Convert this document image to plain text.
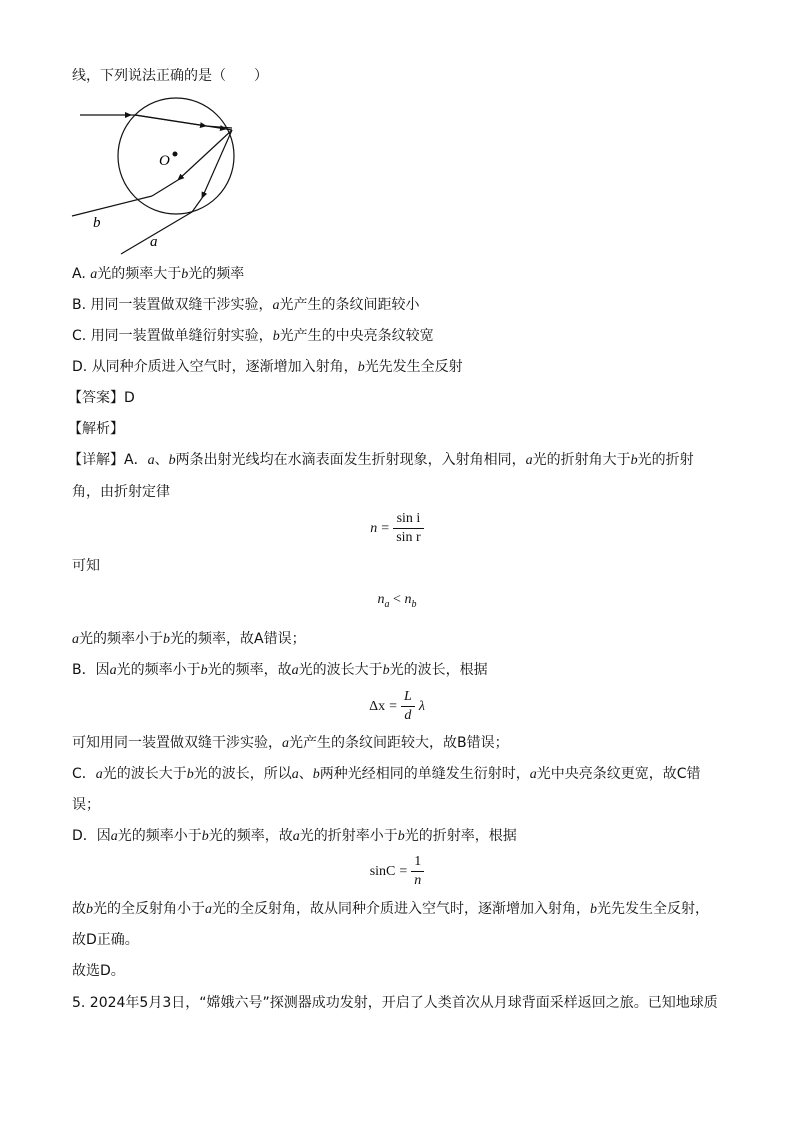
线，下列说法正确的是（　　）
O
b
a
A. a光的频率大于b光的频率
B. 用同一装置做双缝干涉实验，a光产生的条纹间距较小
C. 用同一装置做单缝衍射实验，b光产生的中央亮条纹较宽
D. 从同种介质进入空气时，逐渐增加入射角，b光先发生全反射
【答案】D
【解析】
【详解】A．a、b两条出射光线均在水滴表面发生折射现象，入射角相同，a光的折射角大于b光的折射
角，由折射定律
$n = \frac{\text{sin i}}{\text{sin r}}$
可知
$n_a < n_b$
a光的频率小于b光的频率，故A错误；
B．因a光的频率小于b光的频率，故a光的波长大于b光的波长，根据
$\Delta x = \frac{L}{d}$ λ
可知用同一装置做双缝干涉实验，a光产生的条纹间距较大，故B错误；
C．a光的波长大于b光的波长，所以a、b两种光经相同的单缝发生衍射时，a光中央亮条纹更宽，故C错
误；
D．因a光的频率小于b光的频率，故a光的折射率小于b光的折射率，根据
$\sin C = \frac{1}{n}$
故b光的全反射角小于a光的全反射角，故从同种介质进入空气时，逐渐增加入射角，b光先发生全反射，
故D正确。
故选D。
5. 2024年5月3日，“嫦娥六号”探测器成功发射，开启了人类首次从月球背面采样返回之旅。已知地球质
